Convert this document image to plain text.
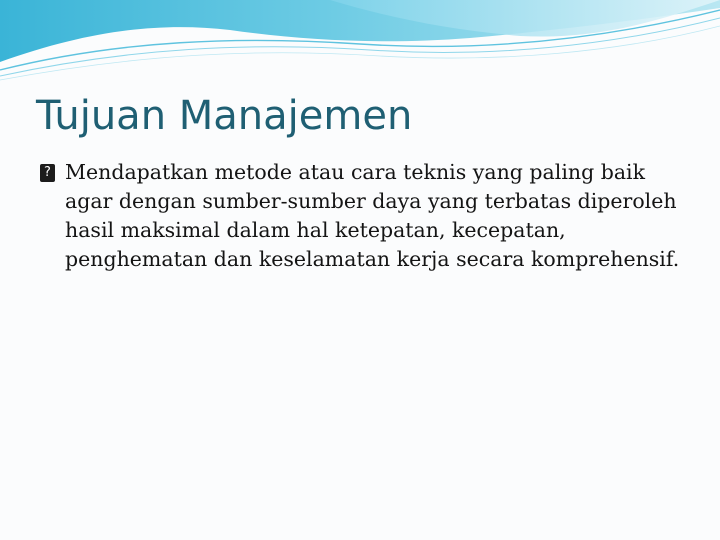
Tujuan Manajemen
? Mendapatkan metode atau cara teknis yang paling baik agar dengan sumber-sumber daya yang terbatas diperoleh hasil maksimal dalam hal ketepatan, kecepatan, penghematan dan keselamatan kerja secara komprehensif.
